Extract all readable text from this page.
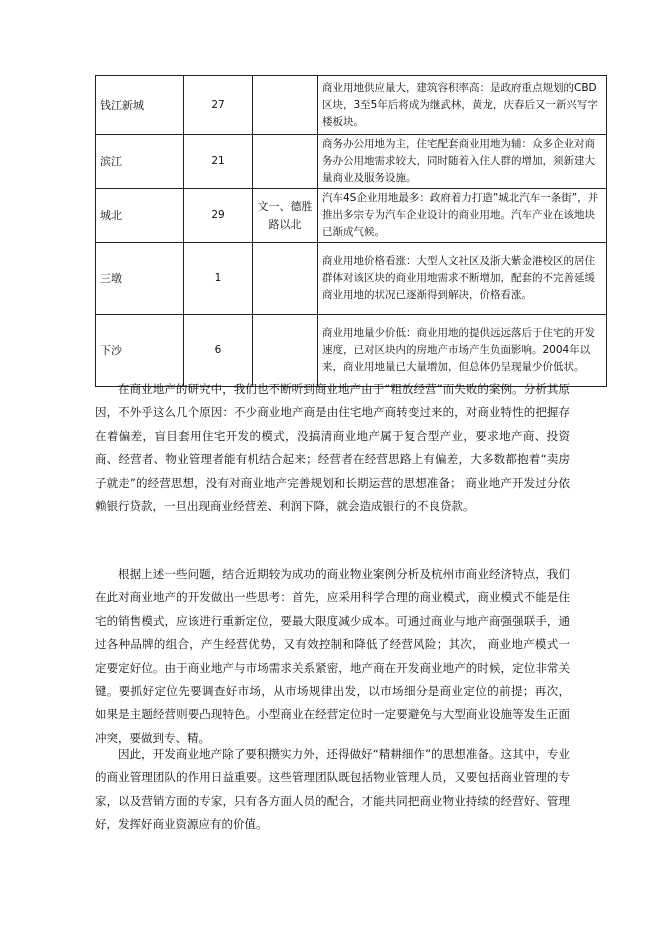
钱江新城	27		商业用地供应量大，建筑容积率高：是政府重点规划的CBD区块，3至5年后将成为继武林，黄龙，庆春后又一新兴写字楼板块。
滨江	21		商务办公用地为主，住宅配套商业用地为辅：众多企业对商务办公用地需求较大，同时随着入住人群的增加，须新建大量商业及服务设施。
城北	29	文一、德胜路以北	汽车4S企业用地最多：政府着力打造”城北汽车一条街”，并推出多宗专为汽车企业设计的商业用地。汽车产业在该地块已渐成气候。
三墩	1		商业用地价格看涨：大型人文社区及浙大紫金港校区的居住群体对该区块的商业用地需求不断增加，配套的不完善延缓商业用地的状况已逐渐得到解决，价格看涨。
下沙	6		商业用地量少价低：商业用地的提供远远落后于住宅的开发速度，已对区块内的房地产市场产生负面影响。2004年以来，商业用地量已大量增加，但总体仍呈现量少价低状。

在商业地产的研究中，我们也不断听到商业地产由于“粗放经营”而失败的案例。分析其原因，不外乎这么几个原因：不少商业地产商是由住宅地产商转变过来的，对商业特性的把握存在着偏差，盲目套用住宅开发的模式，没搞清商业地产属于复合型产业，要求地产商、投资商、经营者、物业管理者能有机结合起来；经营者在经营思路上有偏差，大多数都抱着“卖房子就走”的经营思想，没有对商业地产完善规划和长期运营的思想准备； 商业地产开发过分依赖银行贷款，一旦出现商业经营差、利润下降，就会造成银行的不良贷款。

根据上述一些问题，结合近期较为成功的商业物业案例分析及杭州市商业经济特点，我们在此对商业地产的开发做出一些思考：首先，应采用科学合理的商业模式，商业模式不能是住宅的销售模式，应该进行重新定位，要最大限度减少成本。可通过商业与地产商强强联手，通过各种品牌的组合，产生经营优势，又有效控制和降低了经营风险；其次， 商业地产模式一定要定好位。由于商业地产与市场需求关系紧密，地产商在开发商业地产的时候，定位非常关键。要抓好定位先要调查好市场，从市场规律出发，以市场细分是商业定位的前提；再次， 如果是主题经营则要凸现特色。小型商业在经营定位时一定要避免与大型商业设施等发生正面冲突，要做到专、精。

因此，开发商业地产除了要积攒实力外，还得做好“精耕细作”的思想准备。这其中，专业的商业管理团队的作用日益重要。这些管理团队既包括物业管理人员，又要包括商业管理的专家，以及营销方面的专家，只有各方面人员的配合，才能共同把商业物业持续的经营好、管理好，发挥好商业资源应有的价值。
